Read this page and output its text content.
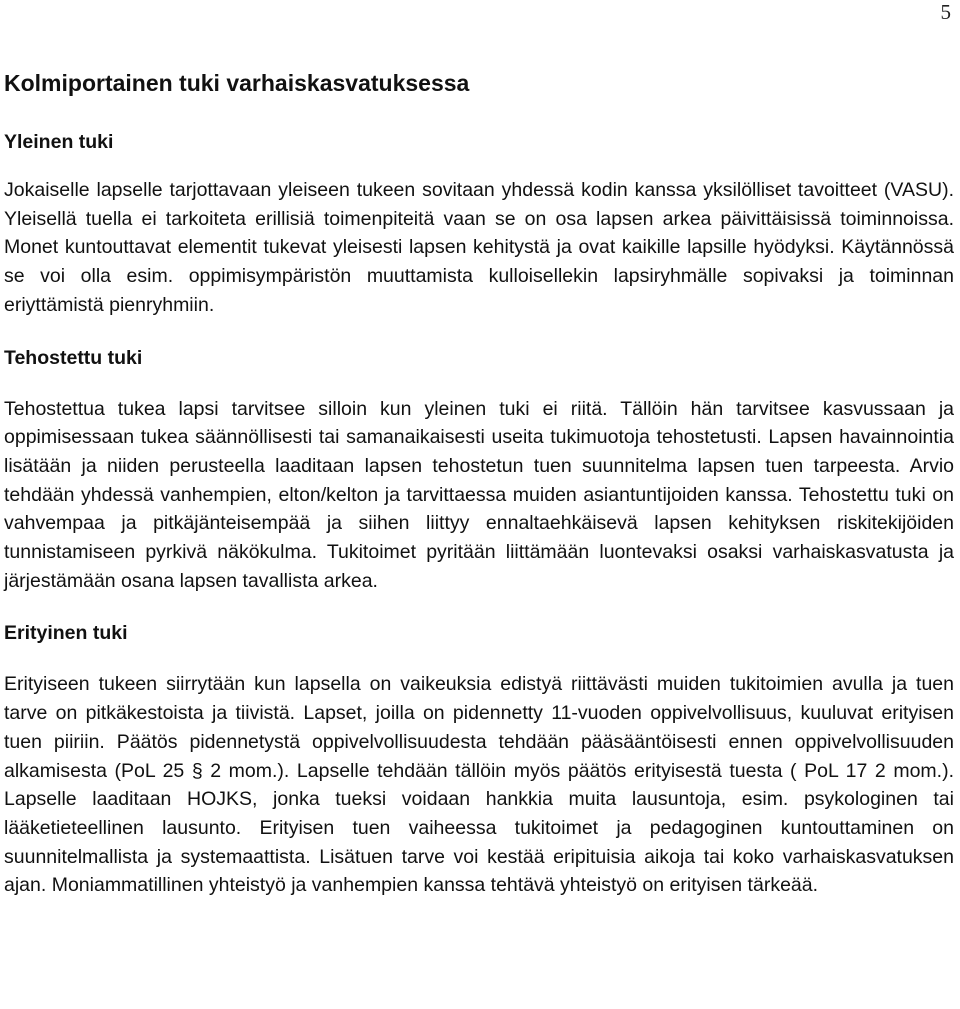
5
Kolmiportainen tuki varhaiskasvatuksessa
Yleinen tuki

Jokaiselle lapselle tarjottavaan yleiseen tukeen sovitaan yhdessä kodin kanssa yksilölliset tavoitteet (VASU). Yleisellä tuella ei tarkoiteta erillisiä toimenpiteitä vaan se on osa lapsen arkea päivittäisissä toiminnoissa. Monet kuntouttavat elementit tukevat yleisesti lapsen kehitystä ja ovat kaikille lapsille hyödyksi. Käytännössä se voi olla esim. oppimisympäristön muuttamista kulloisellekin lapsiryhmälle sopivaksi ja toiminnan eriyttämistä pienryhmiin.

Tehostettu tuki

Tehostettua tukea lapsi tarvitsee silloin kun yleinen tuki ei riitä. Tällöin hän tarvitsee kasvussaan ja oppimisessaan tukea säännöllisesti tai samanaikaisesti useita tukimuotoja tehostetusti. Lapsen havainnointia lisätään ja niiden perusteella laaditaan lapsen tehostetun tuen suunnitelma lapsen tuen tarpeesta. Arvio tehdään yhdessä vanhempien, elton/kelton ja tarvittaessa muiden asiantuntijoiden kanssa. Tehostettu tuki on vahvempaa ja pitkäjänteisempää ja siihen liittyy ennaltaehkäisevä lapsen kehityksen riskitekijöiden tunnistamiseen pyrkivä näkökulma. Tukitoimet pyritään liittämään luontevaksi osaksi varhaiskasvatusta ja järjestämään osana lapsen tavallista arkea.

Erityinen tuki

Erityiseen tukeen siirrytään kun lapsella on vaikeuksia edistyä riittävästi muiden tukitoimien avulla ja tuen tarve on pitkäkestoista ja tiivistä. Lapset, joilla on pidennetty 11-vuoden oppivelvollisuus, kuuluvat erityisen tuen piiriin. Päätös pidennetystä oppivelvollisuudesta tehdään pääsääntöisesti ennen oppivelvollisuuden alkamisesta (PoL 25 § 2 mom.). Lapselle tehdään tällöin myös päätös erityisestä tuesta ( PoL 17 2 mom.). Lapselle laaditaan HOJKS, jonka tueksi voidaan hankkia muita lausuntoja, esim. psykologinen tai lääketieteellinen lausunto. Erityisen tuen vaiheessa tukitoimet ja pedagoginen kuntouttaminen on suunnitelmallista ja systemaattista. Lisätuen tarve voi kestää eripituisia aikoja tai koko varhaiskasvatuksen ajan. Moniammatillinen yhteistyö ja vanhempien kanssa tehtävä yhteistyö on erityisen tärkeää.
